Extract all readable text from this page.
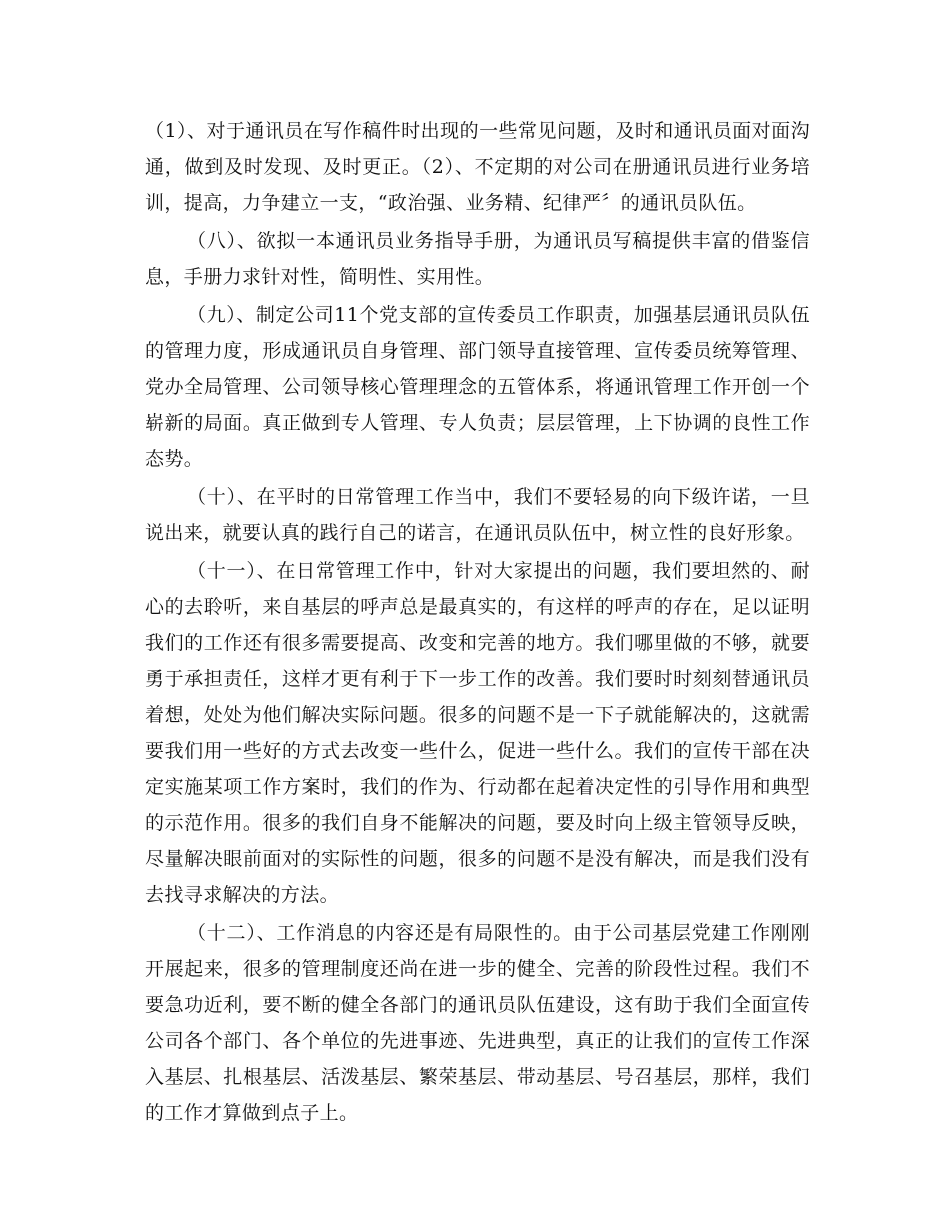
（1）、对于通讯员在写作稿件时出现的一些常见问题，及时和通讯员面对面沟通，做到及时发现、及时更正。（2）、不定期的对公司在册通讯员进行业务培训，提高，力争建立一支，“政治强、业务精、纪律严〞的通讯员队伍。

（八）、欲拟一本通讯员业务指导手册，为通讯员写稿提供丰富的借鉴信息，手册力求针对性，简明性、实用性。

（九）、制定公司11个党支部的宣传委员工作职责，加强基层通讯员队伍的管理力度，形成通讯员自身管理、部门领导直接管理、宣传委员统筹管理、党办全局管理、公司领导核心管理理念的五管体系，将通讯管理工作开创一个崭新的局面。真正做到专人管理、专人负责；层层管理，上下协调的良性工作态势。

（十）、在平时的日常管理工作当中，我们不要轻易的向下级许诺，一旦说出来，就要认真的践行自己的诺言，在通讯员队伍中，树立性的良好形象。

（十一）、在日常管理工作中，针对大家提出的问题，我们要坦然的、耐心的去聆听，来自基层的呼声总是最真实的，有这样的呼声的存在，足以证明我们的工作还有很多需要提高、改变和完善的地方。我们哪里做的不够，就要勇于承担责任，这样才更有利于下一步工作的改善。我们要时时刻刻替通讯员着想，处处为他们解决实际问题。很多的问题不是一下子就能解决的，这就需要我们用一些好的方式去改变一些什么，促进一些什么。我们的宣传干部在决定实施某项工作方案时，我们的作为、行动都在起着决定性的引导作用和典型的示范作用。很多的我们自身不能解决的问题，要及时向上级主管领导反映，尽量解决眼前面对的实际性的问题，很多的问题不是没有解决，而是我们没有去找寻求解决的方法。

（十二）、工作消息的内容还是有局限性的。由于公司基层党建工作刚刚开展起来，很多的管理制度还尚在进一步的健全、完善的阶段性过程。我们不要急功近利，要不断的健全各部门的通讯员队伍建设，这有助于我们全面宣传公司各个部门、各个单位的先进事迹、先进典型，真正的让我们的宣传工作深入基层、扎根基层、活泼基层、繁荣基层、带动基层、号召基层，那样，我们的工作才算做到点子上。
